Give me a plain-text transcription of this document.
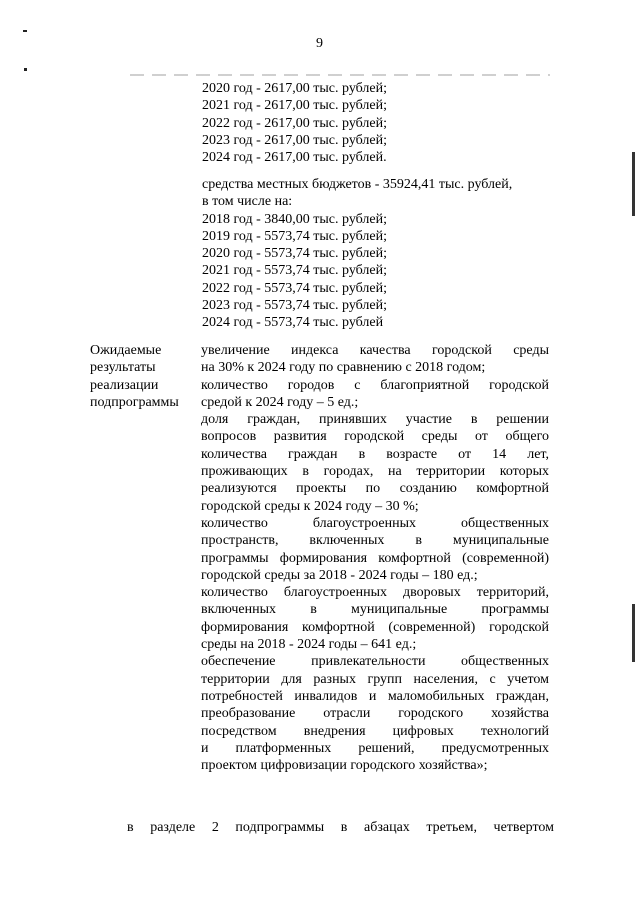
9
2020 год - 2617,00 тыс. рублей;
2021 год - 2617,00 тыс. рублей;
2022 год - 2617,00 тыс. рублей;
2023 год - 2617,00 тыс. рублей;
2024 год - 2617,00 тыс. рублей.
средства местных бюджетов - 35924,41 тыс. рублей,
в том числе на:
2018 год - 3840,00 тыс. рублей;
2019 год - 5573,74 тыс. рублей;
2020 год - 5573,74 тыс. рублей;
2021 год - 5573,74 тыс. рублей;
2022 год - 5573,74 тыс. рублей;
2023 год - 5573,74 тыс. рублей;
2024 год - 5573,74 тыс. рублей
Ожидаемые
результаты
реализации
подпрограммы
увеличение индекса качества городской среды
на 30% к 2024 году по сравнению с 2018 годом;
количество городов с благоприятной городской
средой к 2024 году – 5 ед.;
доля граждан, принявших участие в решении
вопросов развития городской среды от общего
количества граждан в возрасте от 14 лет,
проживающих в городах, на территории которых
реализуются проекты по созданию комфортной
городской среды к 2024 году – 30 %;
количество благоустроенных общественных
пространств, включенных в муниципальные
программы формирования комфортной (современной)
городской среды за 2018 - 2024 годы – 180 ед.;
количество благоустроенных дворовых территорий,
включенных в муниципальные программы
формирования комфортной (современной) городской
среды на 2018 - 2024 годы – 641 ед.;
обеспечение привлекательности общественных
территории для разных групп населения, с учетом
потребностей инвалидов и маломобильных граждан,
преобразование отрасли городского хозяйства
посредством внедрения цифровых технологий
и платформенных решений, предусмотренных
проектом цифровизации городского хозяйства»;
в разделе 2 подпрограммы в абзацах третьем, четвертом
